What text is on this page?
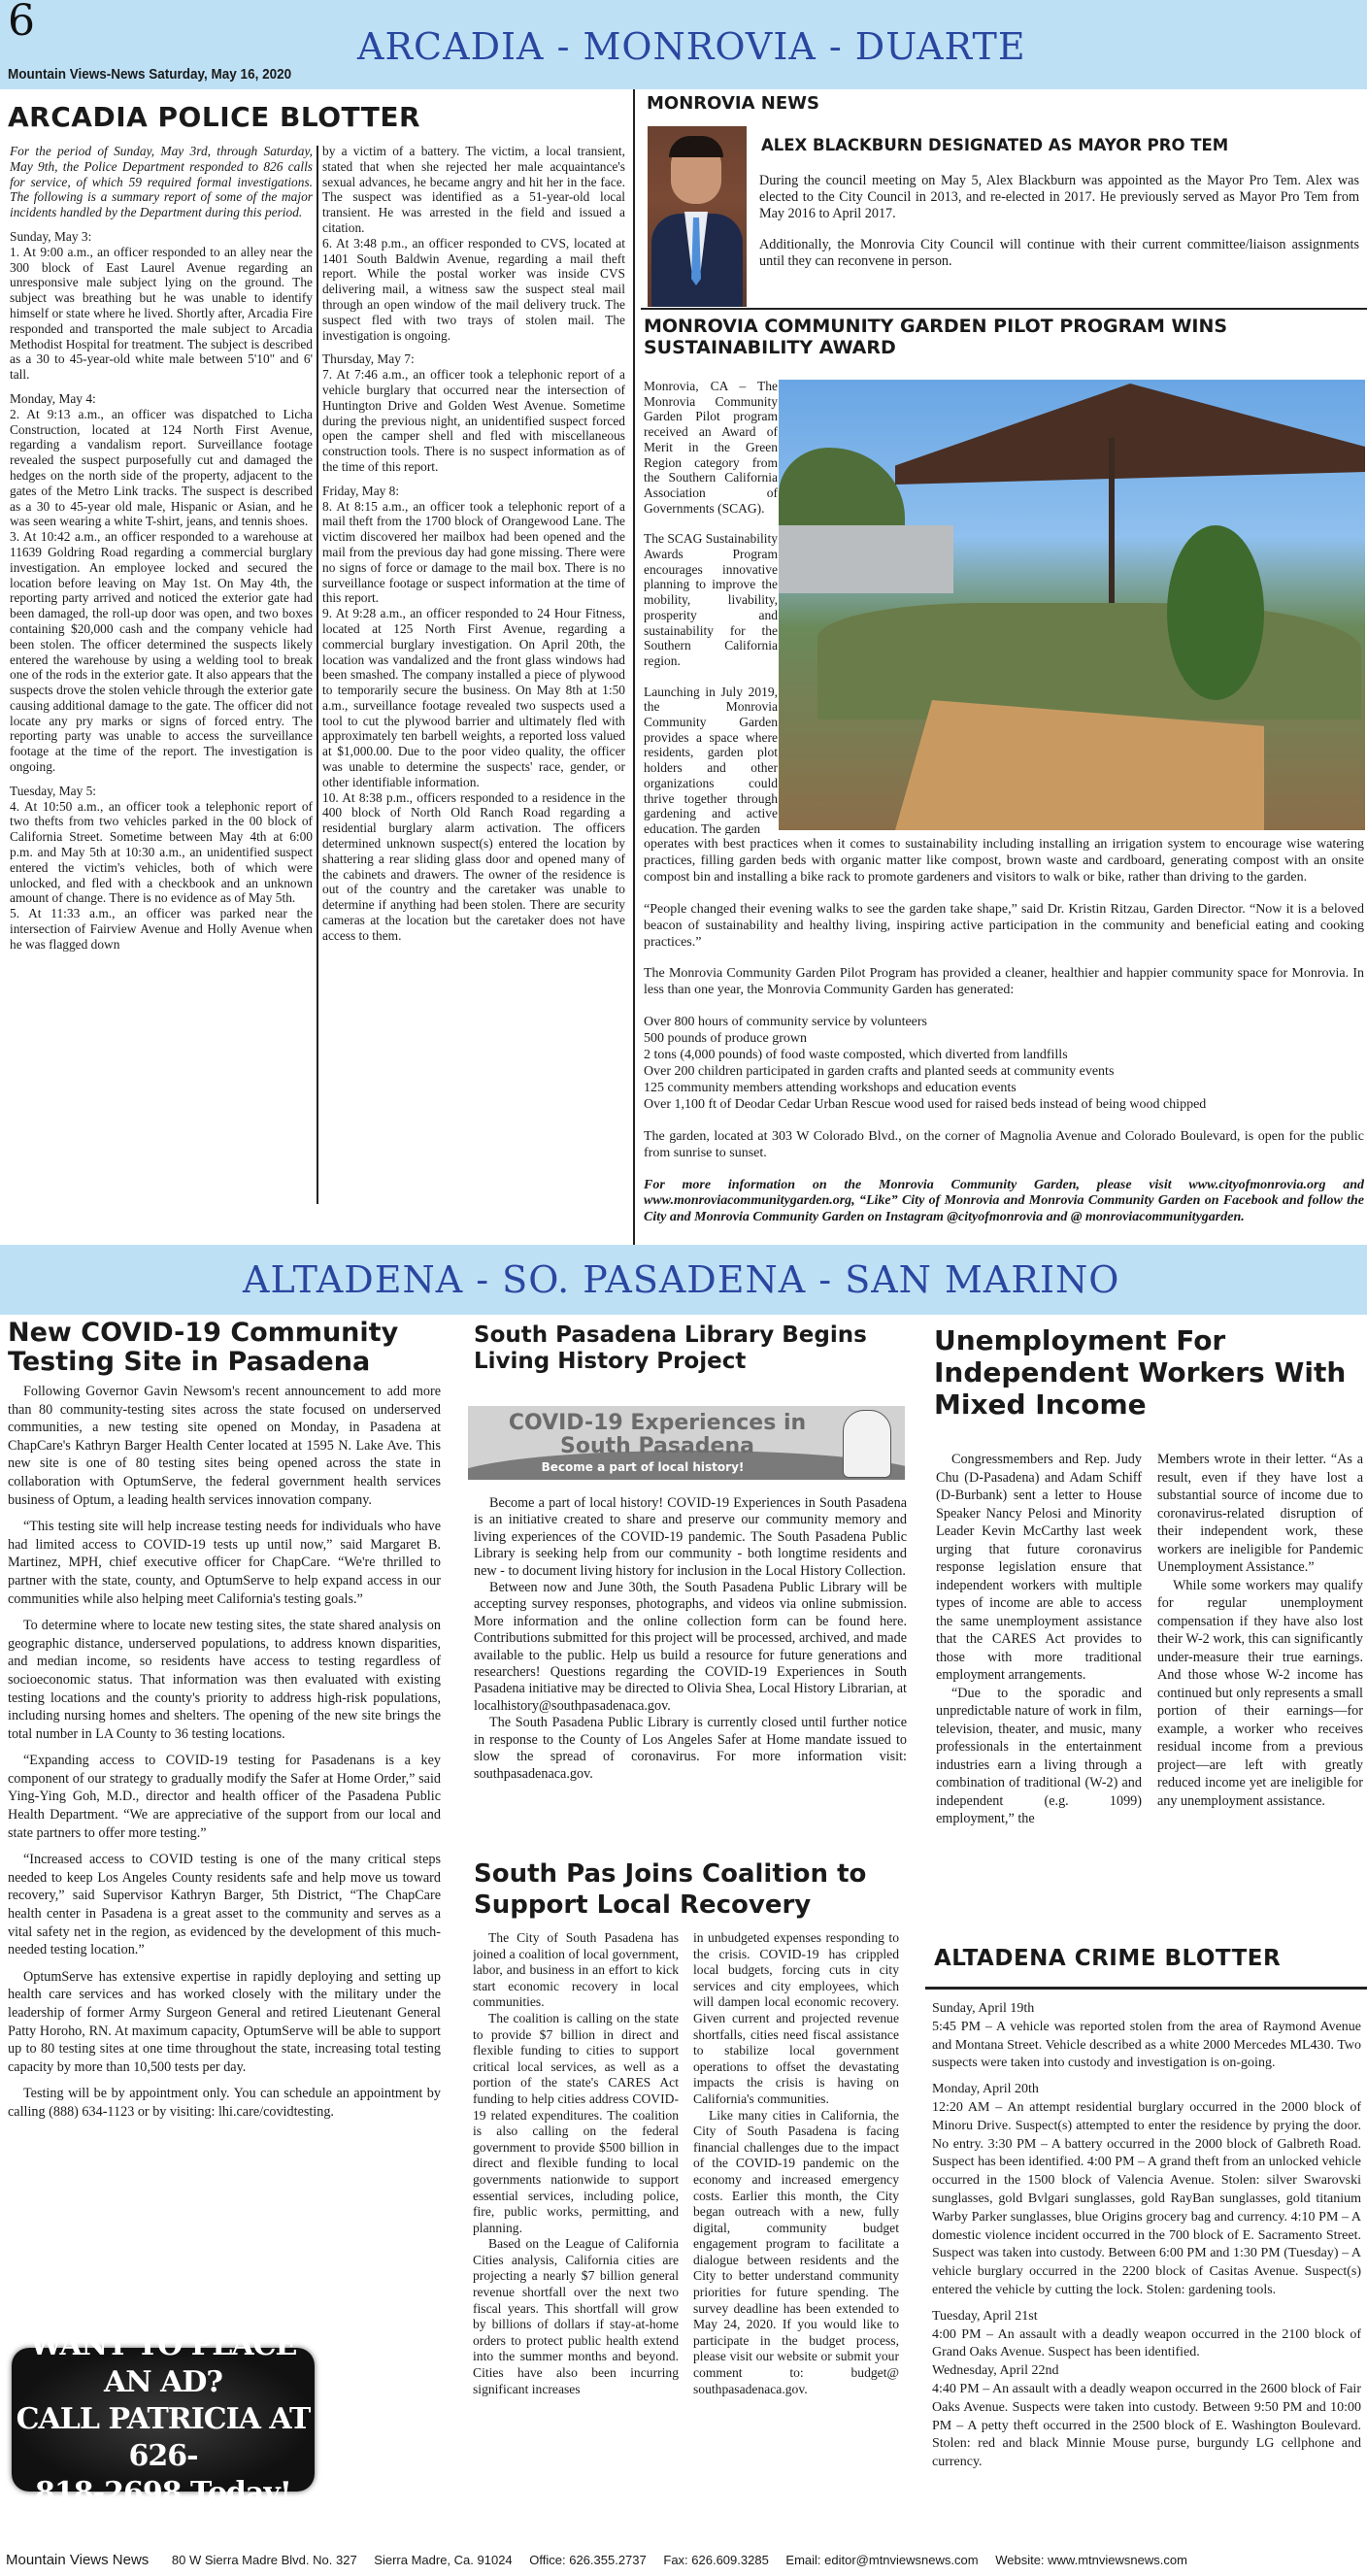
6
ARCADIA - MONROVIA - DUARTE
Mountain Views-News Saturday, May 16, 2020
ARCADIA POLICE BLOTTER

For the period of Sunday, May 3rd, through Saturday, May 9th, the Police Department responded to 826 calls for service, of which 59 required formal investigations. The following is a summary report of some of the major incidents handled by the Department during this period.

Sunday, May 3:

1. At 9:00 a.m., an officer responded to an alley near the 300 block of East Laurel Avenue regarding an unresponsive male subject lying on the ground. The subject was breathing but he was unable to identify himself or state where he lived. Shortly after, Arcadia Fire responded and transported the male subject to Arcadia Methodist Hospital for treatment. The subject is described as a 30 to 45-year-old white male between 5'10" and 6' tall.

Monday, May 4:

2. At 9:13 a.m., an officer was dispatched to Licha Construction, located at 124 North First Avenue, regarding a vandalism report. Surveillance footage revealed the suspect purposefully cut and damaged the hedges on the north side of the property, adjacent to the gates of the Metro Link tracks. The suspect is described as a 30 to 45-year old male, Hispanic or Asian, and he was seen wearing a white T-shirt, jeans, and tennis shoes.

3. At 10:42 a.m., an officer responded to a warehouse at 11639 Goldring Road regarding a commercial burglary investigation. An employee locked and secured the location before leaving on May 1st. On May 4th, the reporting party arrived and noticed the exterior gate had been damaged, the roll-up door was open, and two boxes containing $20,000 cash and the company vehicle had been stolen. The officer determined the suspects likely entered the warehouse by using a welding tool to break one of the rods in the exterior gate. It also appears that the suspects drove the stolen vehicle through the exterior gate causing additional damage to the gate. The officer did not locate any pry marks or signs of forced entry. The reporting party was unable to access the surveillance footage at the time of the report. The investigation is ongoing.

Tuesday, May 5:

4. At 10:50 a.m., an officer took a telephonic report of two thefts from two vehicles parked in the 00 block of California Street. Sometime between May 4th at 6:00 p.m. and May 5th at 10:30 a.m., an unidentified suspect entered the victim's vehicles, both of which were unlocked, and fled with a checkbook and an unknown amount of change. There is no evidence as of May 5th.

5. At 11:33 a.m., an officer was parked near the intersection of Fairview Avenue and Holly Avenue when he was flagged down

by a victim of a battery. The victim, a local transient, stated that when she rejected her male acquaintance's sexual advances, he became angry and hit her in the face. The suspect was identified as a 51-year-old local transient. He was arrested in the field and issued a citation.

6. At 3:48 p.m., an officer responded to CVS, located at 1401 South Baldwin Avenue, regarding a mail theft report. While the postal worker was inside CVS delivering mail, a witness saw the suspect steal mail through an open window of the mail delivery truck. The suspect fled with two trays of stolen mail. The investigation is ongoing.

Thursday, May 7:

7. At 7:46 a.m., an officer took a telephonic report of a vehicle burglary that occurred near the intersection of Huntington Drive and Golden West Avenue. Sometime during the previous night, an unidentified suspect forced open the camper shell and fled with miscellaneous construction tools. There is no suspect information as of the time of this report.

Friday, May 8:

8. At 8:15 a.m., an officer took a telephonic report of a mail theft from the 1700 block of Orangewood Lane. The victim discovered her mailbox had been opened and the mail from the previous day had gone missing. There were no signs of force or damage to the mail box. There is no surveillance footage or suspect information at the time of this report.

9. At 9:28 a.m., an officer responded to 24 Hour Fitness, located at 125 North First Avenue, regarding a commercial burglary investigation. On April 20th, the location was vandalized and the front glass windows had been smashed. The company installed a piece of plywood to temporarily secure the business. On May 8th at 1:50 a.m., surveillance footage revealed two suspects used a tool to cut the plywood barrier and ultimately fled with approximately ten barbell weights, a reported loss valued at $1,000.00. Due to the poor video quality, the officer was unable to determine the suspects' race, gender, or other identifiable information.

10. At 8:38 p.m., officers responded to a residence in the 400 block of North Old Ranch Road regarding a residential burglary alarm activation. The officers determined unknown suspect(s) entered the location by shattering a rear sliding glass door and opened many of the cabinets and drawers. The owner of the residence is out of the country and the caretaker was unable to determine if anything had been stolen. There are security cameras at the location but the caretaker does not have access to them.

MONROVIA NEWS
ALEX BLACKBURN DESIGNATED AS MAYOR PRO TEM

During the council meeting on May 5, Alex Blackburn was appointed as the Mayor Pro Tem. Alex was elected to the City Council in 2013, and re-elected in 2017. He previously served as Mayor Pro Tem from May 2016 to April 2017.

Additionally, the Monrovia City Council will continue with their current committee/liaison assignments until they can reconvene in person.

MONROVIA COMMUNITY GARDEN PILOT PROGRAM WINS SUSTAINABILITY AWARD

Monrovia, CA – The Monrovia Community Garden Pilot program received an Award of Merit in the Green Region category from the Southern California Association of Governments (SCAG).

The SCAG Sustainability Awards Program encourages innovative planning to improve the mobility, livability, prosperity and sustainability for the Southern California region.

Launching in July 2019, the Monrovia Community Garden provides a space where residents, garden plot holders and other organizations could thrive together through gardening and active education. The garden

operates with best practices when it comes to sustainability including installing an irrigation system to encourage wise watering practices, filling garden beds with organic matter like compost, brown waste and cardboard, generating compost with an onsite compost bin and installing a bike rack to promote gardeners and visitors to walk or bike, rather than driving to the garden.

“People changed their evening walks to see the garden take shape,” said Dr. Kristin Ritzau, Garden Director. “Now it is a beloved beacon of sustainability and healthy living, inspiring active participation in the community and beneficial eating and cooking practices.”

The Monrovia Community Garden Pilot Program has provided a cleaner, healthier and happier community space for Monrovia. In less than one year, the Monrovia Community Garden has generated:

Over 800 hours of community service by volunteers
500 pounds of produce grown
2 tons (4,000 pounds) of food waste composted, which diverted from landfills
Over 200 children participated in garden crafts and planted seeds at community events
125 community members attending workshops and education events
Over 1,100 ft of Deodar Cedar Urban Rescue wood used for raised beds instead of being wood chipped

The garden, located at 303 W Colorado Blvd., on the corner of Magnolia Avenue and Colorado Boulevard, is open for the public from sunrise to sunset.

For more information on the Monrovia Community Garden, please visit www.cityofmonrovia.org and www.monroviacommunitygarden.org, “Like” City of Monrovia and Monrovia Community Garden on Facebook and follow the City and Monrovia Community Garden on Instagram @cityofmonrovia and @ monroviacommunitygarden.

ALTADENA - SO. PASADENA - SAN MARINO
New COVID-19 Community Testing Site in Pasadena

Following Governor Gavin Newsom's recent announcement to add more than 80 community-testing sites across the state focused on underserved communities, a new testing site opened on Monday, in Pasadena at ChapCare's Kathryn Barger Health Center located at 1595 N. Lake Ave. This new site is one of 80 testing sites being opened across the state in collaboration with OptumServe, the federal government health services business of Optum, a leading health services innovation company.

“This testing site will help increase testing needs for individuals who have had limited access to COVID-19 tests up until now,” said Margaret B. Martinez, MPH, chief executive officer for ChapCare. “We're thrilled to partner with the state, county, and OptumServe to help expand access in our communities while also helping meet California's testing goals.”

To determine where to locate new testing sites, the state shared analysis on geographic distance, underserved populations, to address known disparities, and median income, so residents have access to testing regardless of socioeconomic status. That information was then evaluated with existing testing locations and the county's priority to address high-risk populations, including nursing homes and shelters. The opening of the new site brings the total number in LA County to 36 testing locations.

“Expanding access to COVID-19 testing for Pasadenans is a key component of our strategy to gradually modify the Safer at Home Order,” said Ying-Ying Goh, M.D., director and health officer of the Pasadena Public Health Department. “We are appreciative of the support from our local and state partners to offer more testing.”

“Increased access to COVID testing is one of the many critical steps needed to keep Los Angeles County residents safe and help move us toward recovery,” said Supervisor Kathryn Barger, 5th District, “The ChapCare health center in Pasadena is a great asset to the community and serves as a vital safety net in the region, as evidenced by the development of this much-needed testing location.”

OptumServe has extensive expertise in rapidly deploying and setting up health care services and has worked closely with the military under the leadership of former Army Surgeon General and retired Lieutenant General Patty Horoho, RN. At maximum capacity, OptumServe will be able to support up to 80 testing sites at one time throughout the state, increasing total testing capacity by more than 10,500 tests per day.

Testing will be by appointment only. You can schedule an appointment by calling (888) 634-1123 or by visiting: lhi.care/covidtesting.

WANT TO PLACE AN AD?
CALL PATRICIA AT 626-
818-2698 Today!
South Pasadena Library Begins Living History Project
COVID-19 Experiences in South Pasadena
Become a part of local history!

Become a part of local history! COVID-19 Experiences in South Pasadena is an initiative created to share and preserve our community memory and living experiences of the COVID-19 pandemic. The South Pasadena Public Library is seeking help from our community - both longtime residents and new - to document living history for inclusion in the Local History Collection.

Between now and June 30th, the South Pasadena Public Library will be accepting survey responses, photographs, and videos via online submission. More information and the online collection form can be found here. Contributions submitted for this project will be processed, archived, and made available to the public. Help us build a resource for future generations and researchers! Questions regarding the COVID-19 Experiences in South Pasadena initiative may be directed to Olivia Shea, Local History Librarian, at localhistory@southpasadenaca.gov.

The South Pasadena Public Library is currently closed until further notice in response to the County of Los Angeles Safer at Home mandate issued to slow the spread of coronavirus. For more information visit: southpasadenaca.gov.

South Pas Joins Coalition to Support Local Recovery

The City of South Pasadena has joined a coalition of local government, labor, and business in an effort to kick start economic recovery in local communities.

The coalition is calling on the state to provide $7 billion in direct and flexible funding to cities to support critical local services, as well as a portion of the state's CARES Act funding to help cities address COVID-19 related expenditures. The coalition is also calling on the federal government to provide $500 billion in direct and flexible funding to local governments nationwide to support essential services, including police, fire, public works, permitting, and planning.

Based on the League of California Cities analysis, California cities are projecting a nearly $7 billion general revenue shortfall over the next two fiscal years. This shortfall will grow by billions of dollars if stay-at-home orders to protect public health extend into the summer months and beyond. Cities have also been incurring significant increases

in unbudgeted expenses responding to the crisis. COVID-19 has crippled local budgets, forcing cuts in city services and city employees, which will dampen local economic recovery. Given current and projected revenue shortfalls, cities need fiscal assistance to stabilize local government operations to offset the devastating impacts the crisis is having on California's communities.

Like many cities in California, the City of South Pasadena is facing financial challenges due to the impact of the COVID-19 pandemic on the economy and increased emergency costs. Earlier this month, the City began outreach with a new, fully digital, community budget engagement program to facilitate a dialogue between residents and the City to better understand community priorities for future spending. The survey deadline has been extended to May 24, 2020. If you would like to participate in the budget process, please visit our website or submit your comment to: budget@ southpasadenaca.gov.

Unemployment For Independent Workers With Mixed Income

Congressmembers and Rep. Judy Chu (D-Pasadena) and Adam Schiff (D-Burbank) sent a letter to House Speaker Nancy Pelosi and Minority Leader Kevin McCarthy last week urging that future coronavirus response legislation ensure that independent workers with multiple types of income are able to access the same unemployment assistance that the CARES Act provides to those with more traditional employment arrangements.

“Due to the sporadic and unpredictable nature of work in film, television, theater, and music, many professionals in the entertainment industries earn a living through a combination of traditional (W-2) and independent (e.g. 1099) employment,” the

Members wrote in their letter. “As a result, even if they have lost a substantial source of income due to coronavirus-related disruption of their independent work, these workers are ineligible for Pandemic Unemployment Assistance.”

While some workers may qualify for regular unemployment compensation if they have also lost their W-2 work, this can significantly under-measure their true earnings. And those whose W-2 income has continued but only represents a small portion of their earnings—for example, a worker who receives residual income from a previous project—are left with greatly reduced income yet are ineligible for any unemployment assistance.

ALTADENA CRIME BLOTTER
Sunday, April 19th
5:45 PM – A vehicle was reported stolen from the area of Raymond Avenue and Montana Street. Vehicle described as a white 2000 Mercedes ML430. Two suspects were taken into custody and investigation is on-going.
Monday, April 20th
12:20 AM – An attempt residential burglary occurred in the 2000 block of Minoru Drive. Suspect(s) attempted to enter the residence by prying the door. No entry. 3:30 PM – A battery occurred in the 2000 block of Galbreth Road. Suspect has been identified. 4:00 PM – A grand theft from an unlocked vehicle occurred in the 1500 block of Valencia Avenue. Stolen: silver Swarovski sunglasses, gold Bvlgari sunglasses, gold RayBan sunglasses, gold titanium Warby Parker sunglasses, blue Origins grocery bag and currency. 4:10 PM – A domestic violence incident occurred in the 700 block of E. Sacramento Street. Suspect was taken into custody. Between 6:00 PM and 1:30 PM (Tuesday) – A vehicle burglary occurred in the 2200 block of Casitas Avenue. Suspect(s) entered the vehicle by cutting the lock. Stolen: gardening tools.
Tuesday, April 21st
4:00 PM – An assault with a deadly weapon occurred in the 2100 block of Grand Oaks Avenue. Suspect has been identified.
Wednesday, April 22nd
4:40 PM – An assault with a deadly weapon occurred in the 2600 block of Fair Oaks Avenue. Suspects were taken into custody. Between 9:50 PM and 10:00 PM – A petty theft occurred in the 2500 block of E. Washington Boulevard. Stolen: red and black Minnie Mouse purse, burgundy LG cellphone and currency.
Mountain Views News 80 W Sierra Madre Blvd. No. 327 Sierra Madre, Ca. 91024 Office: 626.355.2737 Fax: 626.609.3285 Email: editor@mtnviewsnews.com Website: www.mtnviewsnews.com
